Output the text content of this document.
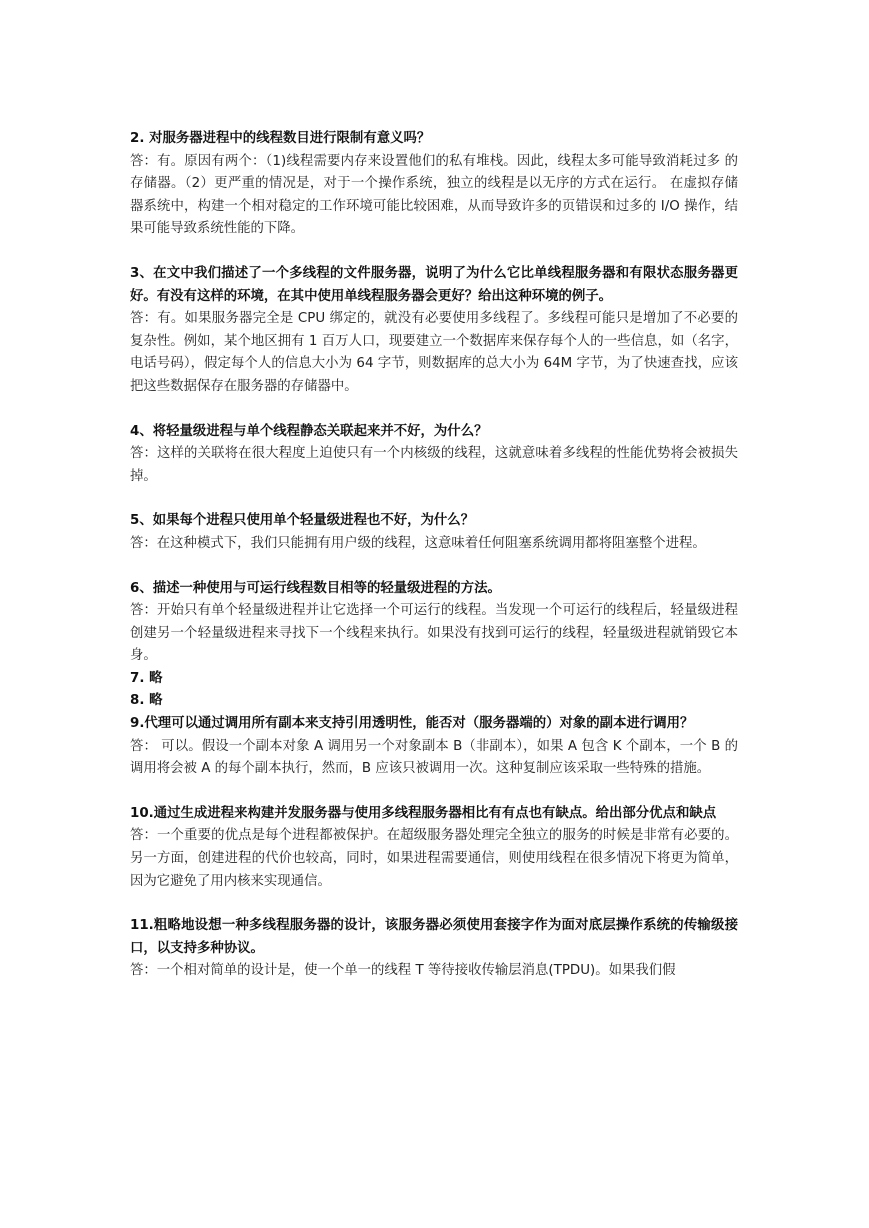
2. 对服务器进程中的线程数目进行限制有意义吗？

答：有。原因有两个：（1)线程需要内存来设置他们的私有堆栈。因此，线程太多可能导致消耗过多 的存储器。（2）更严重的情况是，对于一个操作系统，独立的线程是以无序的方式在运行。 在虚拟存储器系统中，构建一个相对稳定的工作环境可能比较困难，从而导致许多的页错误和过多的 I/O 操作，结果可能导致系统性能的下降。

3、在文中我们描述了一个多线程的文件服务器，说明了为什么它比单线程服务器和有限状态服务器更好。有没有这样的环境，在其中使用单线程服务器会更好？给出这种环境的例子。

答：有。如果服务器完全是 CPU 绑定的，就没有必要使用多线程了。多线程可能只是增加了不必要的复杂性。例如，某个地区拥有 1 百万人口，现要建立一个数据库来保存每个人的一些信息，如（名字，电话号码），假定每个人的信息大小为 64 字节，则数据库的总大小为 64M 字节，为了快速查找，应该把这些数据保存在服务器的存储器中。

4、将轻量级进程与单个线程静态关联起来并不好，为什么？

答：这样的关联将在很大程度上迫使只有一个内核级的线程，这就意味着多线程的性能优势将会被损失掉。

5、如果每个进程只使用单个轻量级进程也不好，为什么？

答：在这种模式下，我们只能拥有用户级的线程，这意味着任何阻塞系统调用都将阻塞整个进程。

6、描述一种使用与可运行线程数目相等的轻量级进程的方法。

答：开始只有单个轻量级进程并让它选择一个可运行的线程。当发现一个可运行的线程后，轻量级进程创建另一个轻量级进程来寻找下一个线程来执行。如果没有找到可运行的线程，轻量级进程就销毁它本身。

7. 略

8. 略

9.代理可以通过调用所有副本来支持引用透明性，能否对（服务器端的）对象的副本进行调用？

答： 可以。假设一个副本对象 A 调用另一个对象副本 B（非副本），如果 A 包含 K 个副本，一个 B 的调用将会被 A 的每个副本执行，然而，B 应该只被调用一次。这种复制应该采取一些特殊的措施。

10.通过生成进程来构建并发服务器与使用多线程服务器相比有有点也有缺点。给出部分优点和缺点

答：一个重要的优点是每个进程都被保护。在超级服务器处理完全独立的服务的时候是非常有必要的。另一方面，创建进程的代价也较高，同时，如果进程需要通信，则使用线程在很多情况下将更为简单，因为它避免了用内核来实现通信。

11.粗略地设想一种多线程服务器的设计，该服务器必须使用套接字作为面对底层操作系统的传输级接口，以支持多种协议。

答：一个相对简单的设计是，使一个单一的线程 T 等待接收传输层消息(TPDU)。如果我们假
